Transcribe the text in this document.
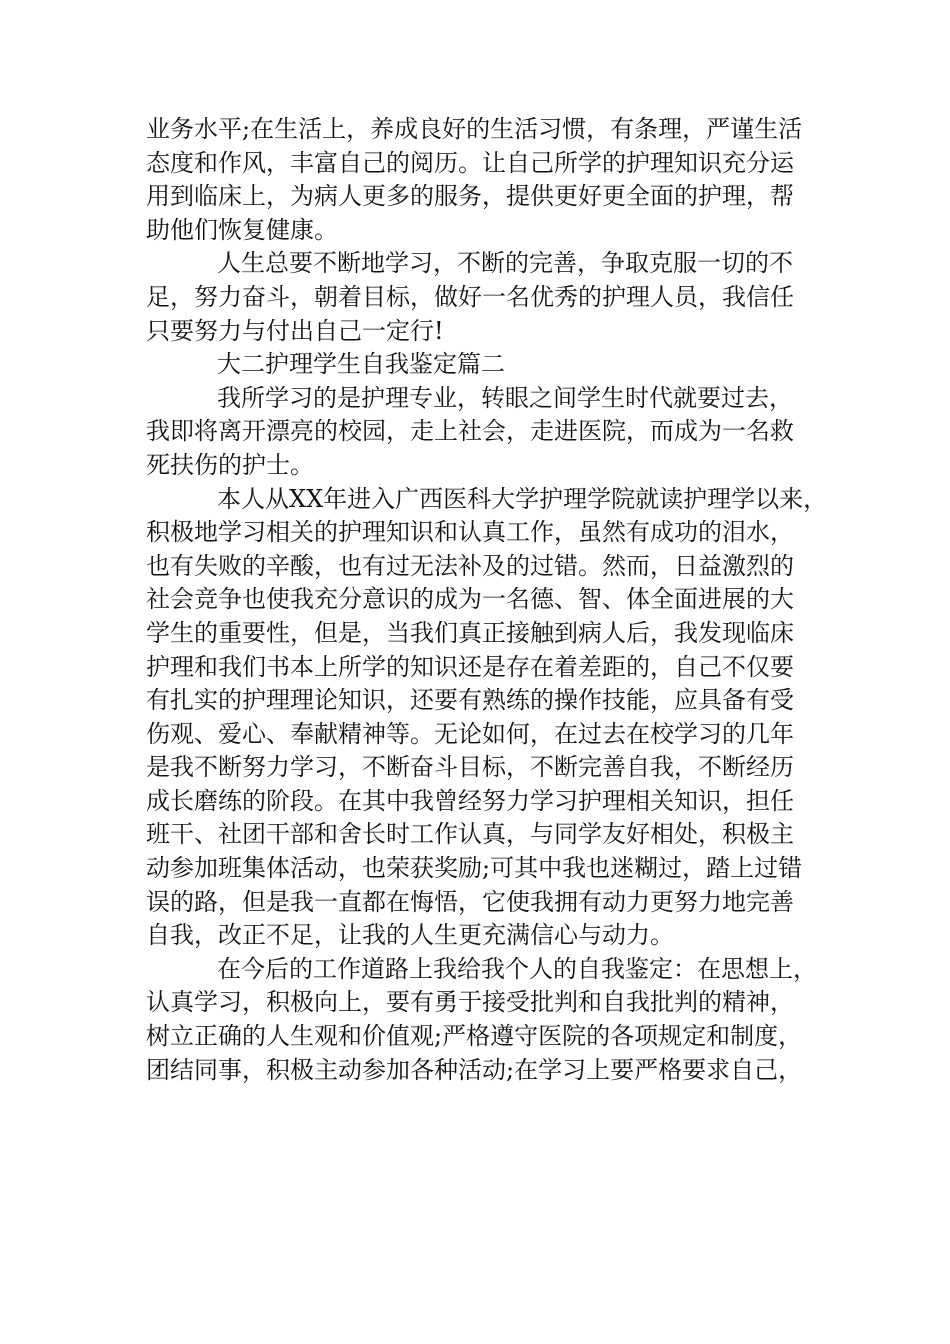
业务水平;在生活上，养成良好的生活习惯，有条理，严谨生活
态度和作风，丰富自己的阅历。让自己所学的护理知识充分运
用到临床上，为病人更多的服务，提供更好更全面的护理，帮
助他们恢复健康。
人生总要不断地学习，不断的完善，争取克服一切的不
足，努力奋斗，朝着目标，做好一名优秀的护理人员，我信任
只要努力与付出自己一定行!
大二护理学生自我鉴定篇二
我所学习的是护理专业，转眼之间学生时代就要过去，
我即将离开漂亮的校园，走上社会，走进医院，而成为一名救
死扶伤的护士。
本人从XX年进入广西医科大学护理学院就读护理学以来，
积极地学习相关的护理知识和认真工作，虽然有成功的泪水，
也有失败的辛酸，也有过无法补及的过错。然而，日益激烈的
社会竞争也使我充分意识的成为一名德、智、体全面进展的大
学生的重要性，但是，当我们真正接触到病人后，我发现临床
护理和我们书本上所学的知识还是存在着差距的，自己不仅要
有扎实的护理理论知识，还要有熟练的操作技能，应具备有受
伤观、爱心、奉献精神等。无论如何，在过去在校学习的几年
是我不断努力学习，不断奋斗目标，不断完善自我，不断经历
成长磨练的阶段。在其中我曾经努力学习护理相关知识，担任
班干、社团干部和舍长时工作认真，与同学友好相处，积极主
动参加班集体活动，也荣获奖励;可其中我也迷糊过，踏上过错
误的路，但是我一直都在悔悟，它使我拥有动力更努力地完善
自我，改正不足，让我的人生更充满信心与动力。
在今后的工作道路上我给我个人的自我鉴定：在思想上，
认真学习，积极向上，要有勇于接受批判和自我批判的精神，
树立正确的人生观和价值观;严格遵守医院的各项规定和制度，
团结同事，积极主动参加各种活动;在学习上要严格要求自己，
